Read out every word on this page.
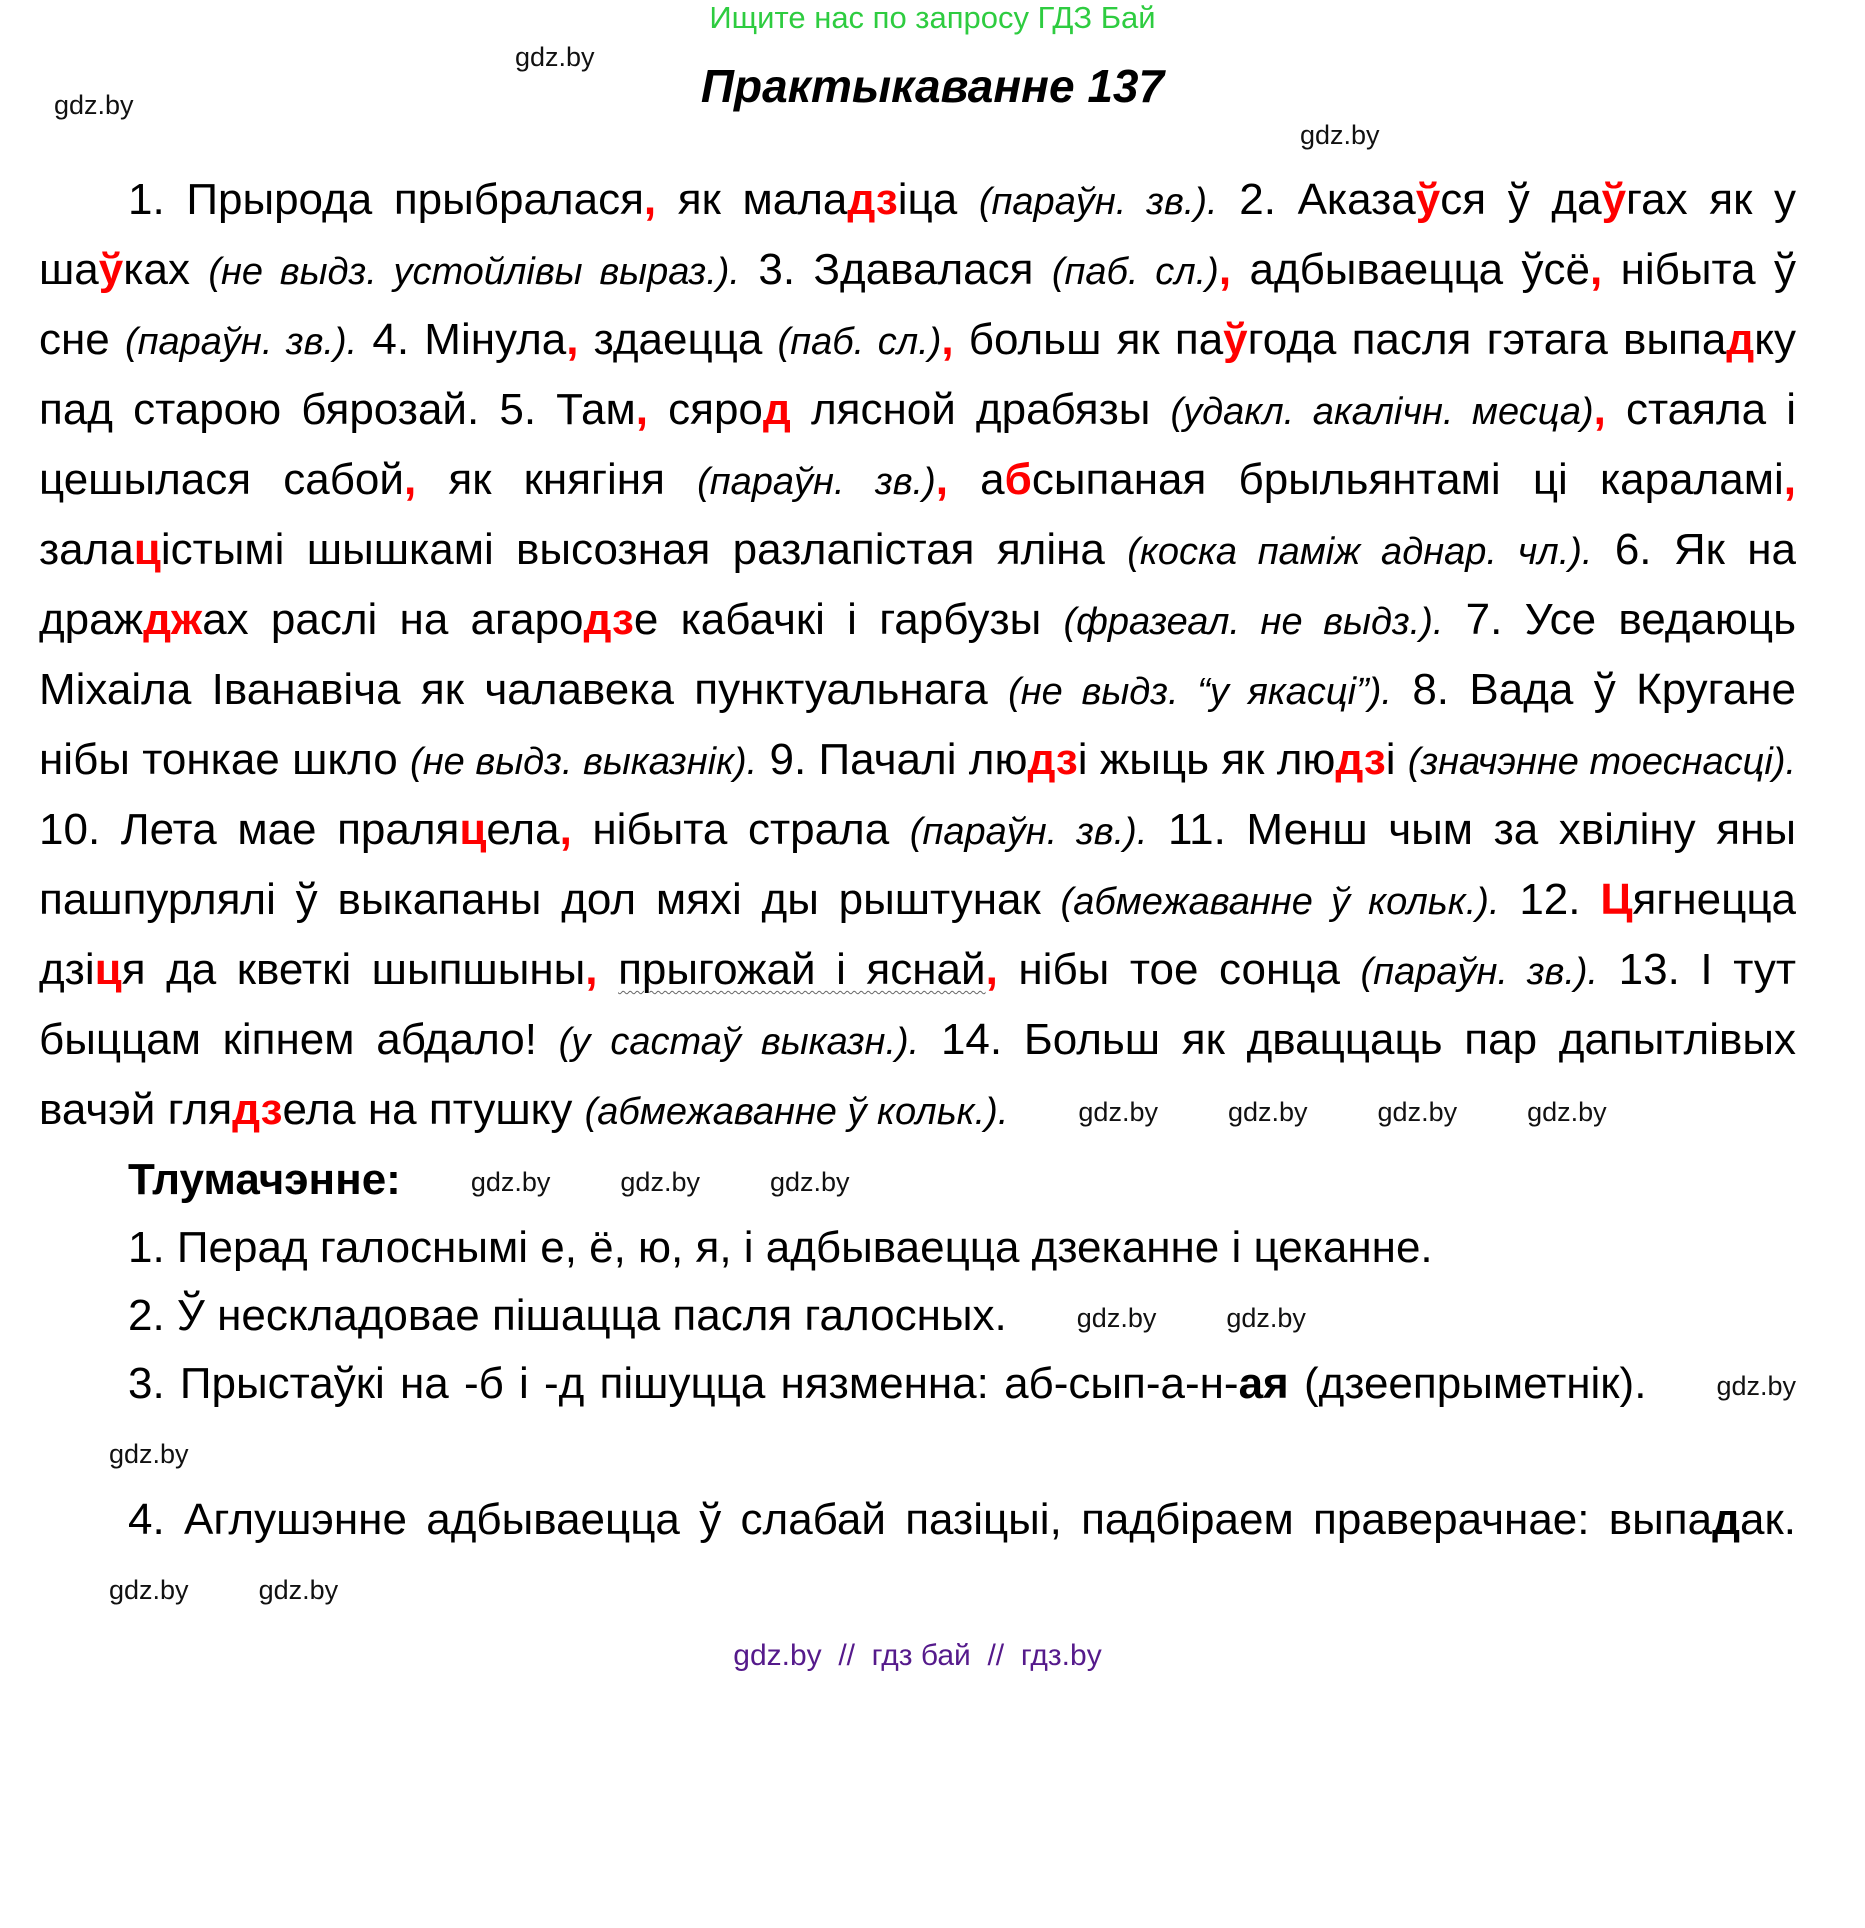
Ищите нас по запросу ГДЗ Бай
Практыкаванне 137
gdz.by
gdz.by
gdz.by
1. Прырода прыбралася, як маладзіца (параўн. зв.). 2. Аказаўся ў даўгах як у шаўках (не выдз. устойлівы выраз.). 3. Здавалася (паб. сл.), адбываецца ўсё, нібыта ў сне (параўн. зв.). 4. Мінула, здаецца (паб. сл.), больш як паўгода пасля гэтага выпадку пад старою бярозай. 5. Там, сярод лясной драбязы (удакл. акалічн. месца), стаяла і цешылася сабой, як княгіня (параўн. зв.), абсыпаная брыльянтамі ці караламі, залацістымі шышкамі высозная разлапістая яліна (коска паміж аднар. чл.). 6. Як на дражджах раслі на агародзе кабачкі і гарбузы (фразеал. не выдз.). 7. Усе ведаюць Міхаіла Іванавіча як чалавека пунктуальнага (не выдз. “у якасці”). 8. Вада ў Кругане нібы тонкае шкло (не выдз. выказнік). 9. Пачалі людзі жыць як людзі (значэнне тоеснасці). 10. Лета мае праляцела, нібыта страла (параўн. зв.). 11. Менш чым за хвіліну яны пашпурлялі ў выкапаны дол мяхі ды рыштунак (абмежаванне ў кольк.). 12. Цягнецца дзіця да кветкі шыпшыны, прыгожай і яснай, нібы тое сонца (параўн. зв.). 13. І тут быццам кіпнем абдало! (у састаў выказн.). 14. Больш як дваццаць пар дапытлівых вачэй глядзела на птушку (абмежаванне ў кольк.).	gdz.by	gdz.by	gdz.by	gdz.by
Тлумачэнне:	gdz.by	gdz.by	gdz.by

1. Перад галоснымі е, ё, ю, я, і адбываецца дзеканне і цеканне.

2. Ў нескладовае пішацца пасля галосных.	gdz.by	gdz.by

3. Прыстаўкі на -б і -д пішуцца нязменна: аб-сып-а-н-ая (дзеепрыметнік).	gdz.bygdz.by

4. Аглушэнне адбываецца ў слабай пазіцыі, падбіраем праверачнае: выпадак.gdz.by	gdz.by

gdz.by  //  гдз бай  //  гдз.by
